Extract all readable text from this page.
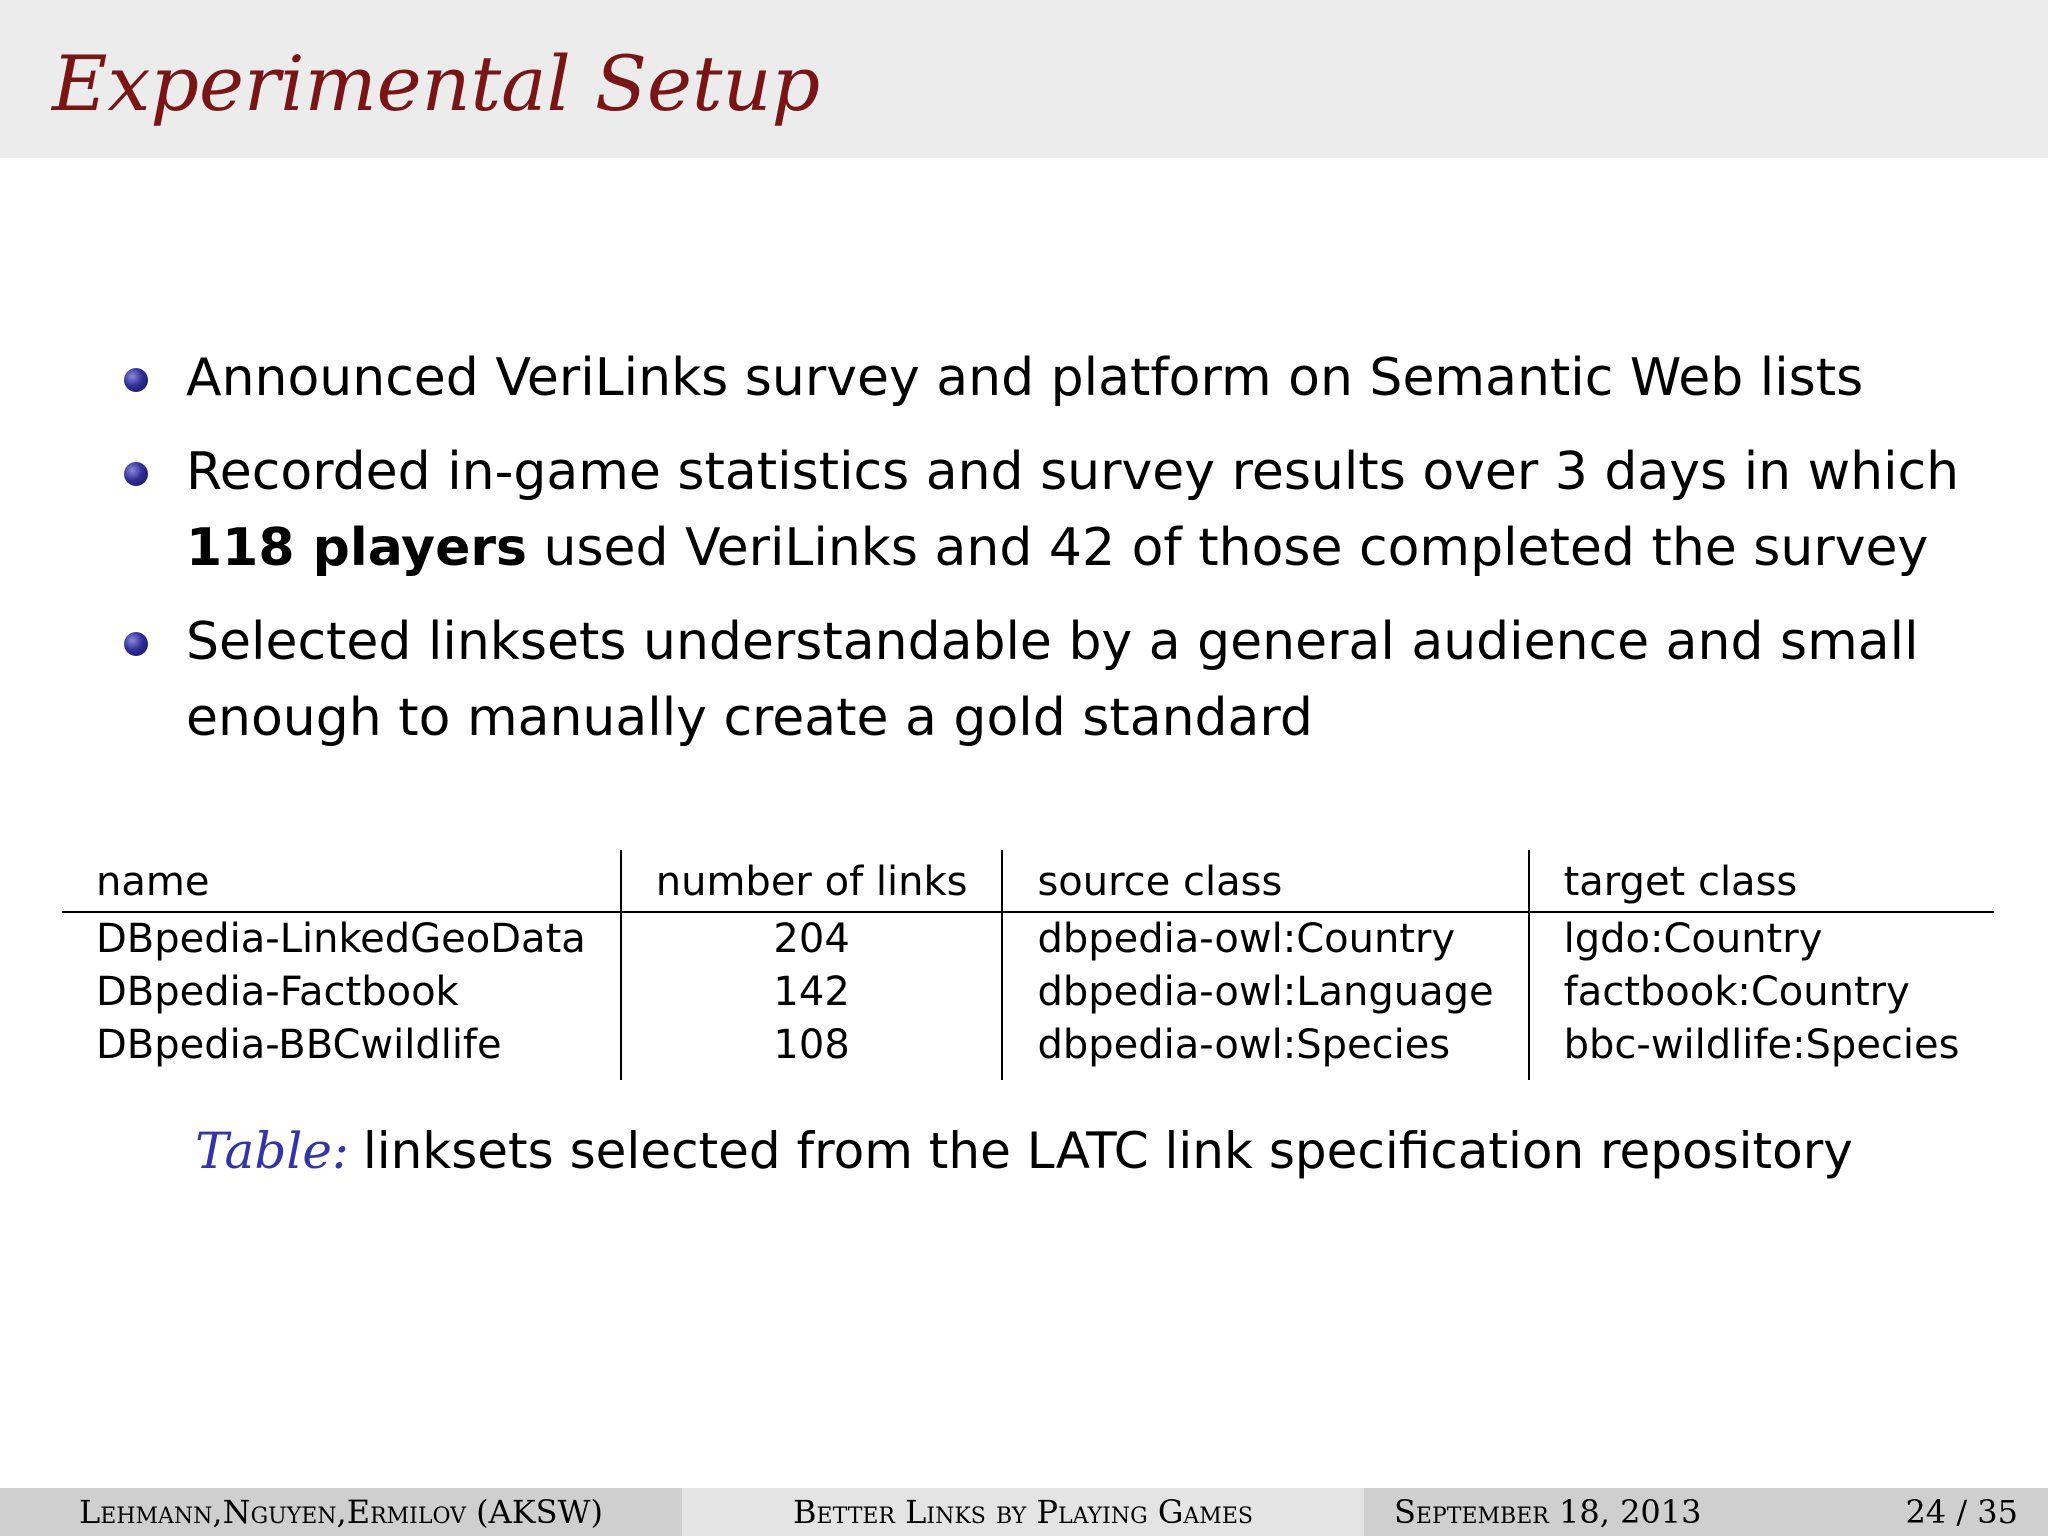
Experimental Setup
Announced VeriLinks survey and platform on Semantic Web lists
Recorded in-game statistics and survey results over 3 days in which
118 players used VeriLinks and 42 of those completed the survey
Selected linksets understandable by a general audience and small
enough to manually create a gold standard
name	number of links	source class	target class
DBpedia-LinkedGeoData	204	dbpedia-owl:Country	lgdo:Country
DBpedia-Factbook	142	dbpedia-owl:Language	factbook:Country
DBpedia-BBCwildlife	108	dbpedia-owl:Species	bbc-wildlife:Species
Table: linksets selected from the LATC link specification repository
Lehmann,Nguyen,Ermilov (AKSW)	Better Links by Playing Games	September 18, 2013	24 / 35
